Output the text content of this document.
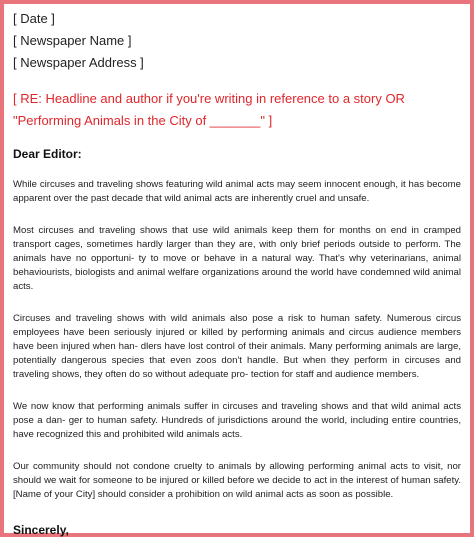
[ Date ]

[ Newspaper Name ]

[ Newspaper Address ]

[ RE: Headline and author if you're writing in reference to a story OR "Performing Animals in the City of _______" ]

Dear Editor:

While circuses and traveling shows featuring wild animal acts may seem innocent enough, it has become apparent over the past decade that wild animal acts are inherently cruel and unsafe.

Most circuses and traveling shows that use wild animals keep them for months on end in cramped transport cages, sometimes hardly larger than they are, with only brief periods outside to perform. The animals have no opportuni- ty to move or behave in a natural way. That's why veterinarians, animal behaviourists, biologists and animal welfare organizations around the world have condemned wild animal acts.

Circuses and traveling shows with wild animals also pose a risk to human safety. Numerous circus employees have been seriously injured or killed by performing animals and circus audience members have been injured when han- dlers have lost control of their animals. Many performing animals are large, potentially dangerous species that even zoos don't handle. But when they perform in circuses and traveling shows, they often do so without adequate pro- tection for staff and audience members.

We now know that performing animals suffer in circuses and traveling shows and that wild animal acts pose a dan- ger to human safety. Hundreds of jurisdictions around the world, including entire countries, have recognized this and prohibited wild animals acts.

Our community should not condone cruelty to animals by allowing performing animal acts to visit, nor should we wait for someone to be injured or killed before we decide to act in the interest of human safety. [Name of your City] should consider a prohibition on wild animal acts as soon as possible.

Sincerely,
